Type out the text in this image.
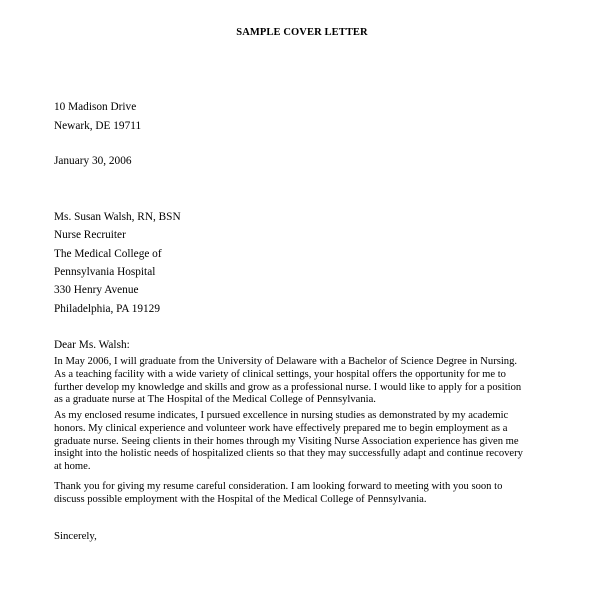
SAMPLE COVER LETTER
10 Madison Drive
Newark, DE 19711
January 30, 2006
Ms. Susan Walsh, RN, BSN
Nurse Recruiter
The Medical College of
Pennsylvania Hospital
330 Henry Avenue
Philadelphia, PA 19129
Dear Ms. Walsh:
In May 2006, I will graduate from the University of Delaware with a Bachelor of Science Degree in Nursing.
As a teaching facility with a wide variety of clinical settings, your hospital offers the opportunity for me to
further develop my knowledge and skills and grow as a professional nurse. I would like to apply for a position
as a graduate nurse at The Hospital of the Medical College of Pennsylvania.
As my enclosed resume indicates, I pursued excellence in nursing studies as demonstrated by my academic
honors. My clinical experience and volunteer work have effectively prepared me to begin employment as a
graduate nurse. Seeing clients in their homes through my Visiting Nurse Association experience has given me
insight into the holistic needs of hospitalized clients so that they may successfully adapt and continue recovery
at home.
Thank you for giving my resume careful consideration. I am looking forward to meeting with you soon to
discuss possible employment with the Hospital of the Medical College of Pennsylvania.
Sincerely,
